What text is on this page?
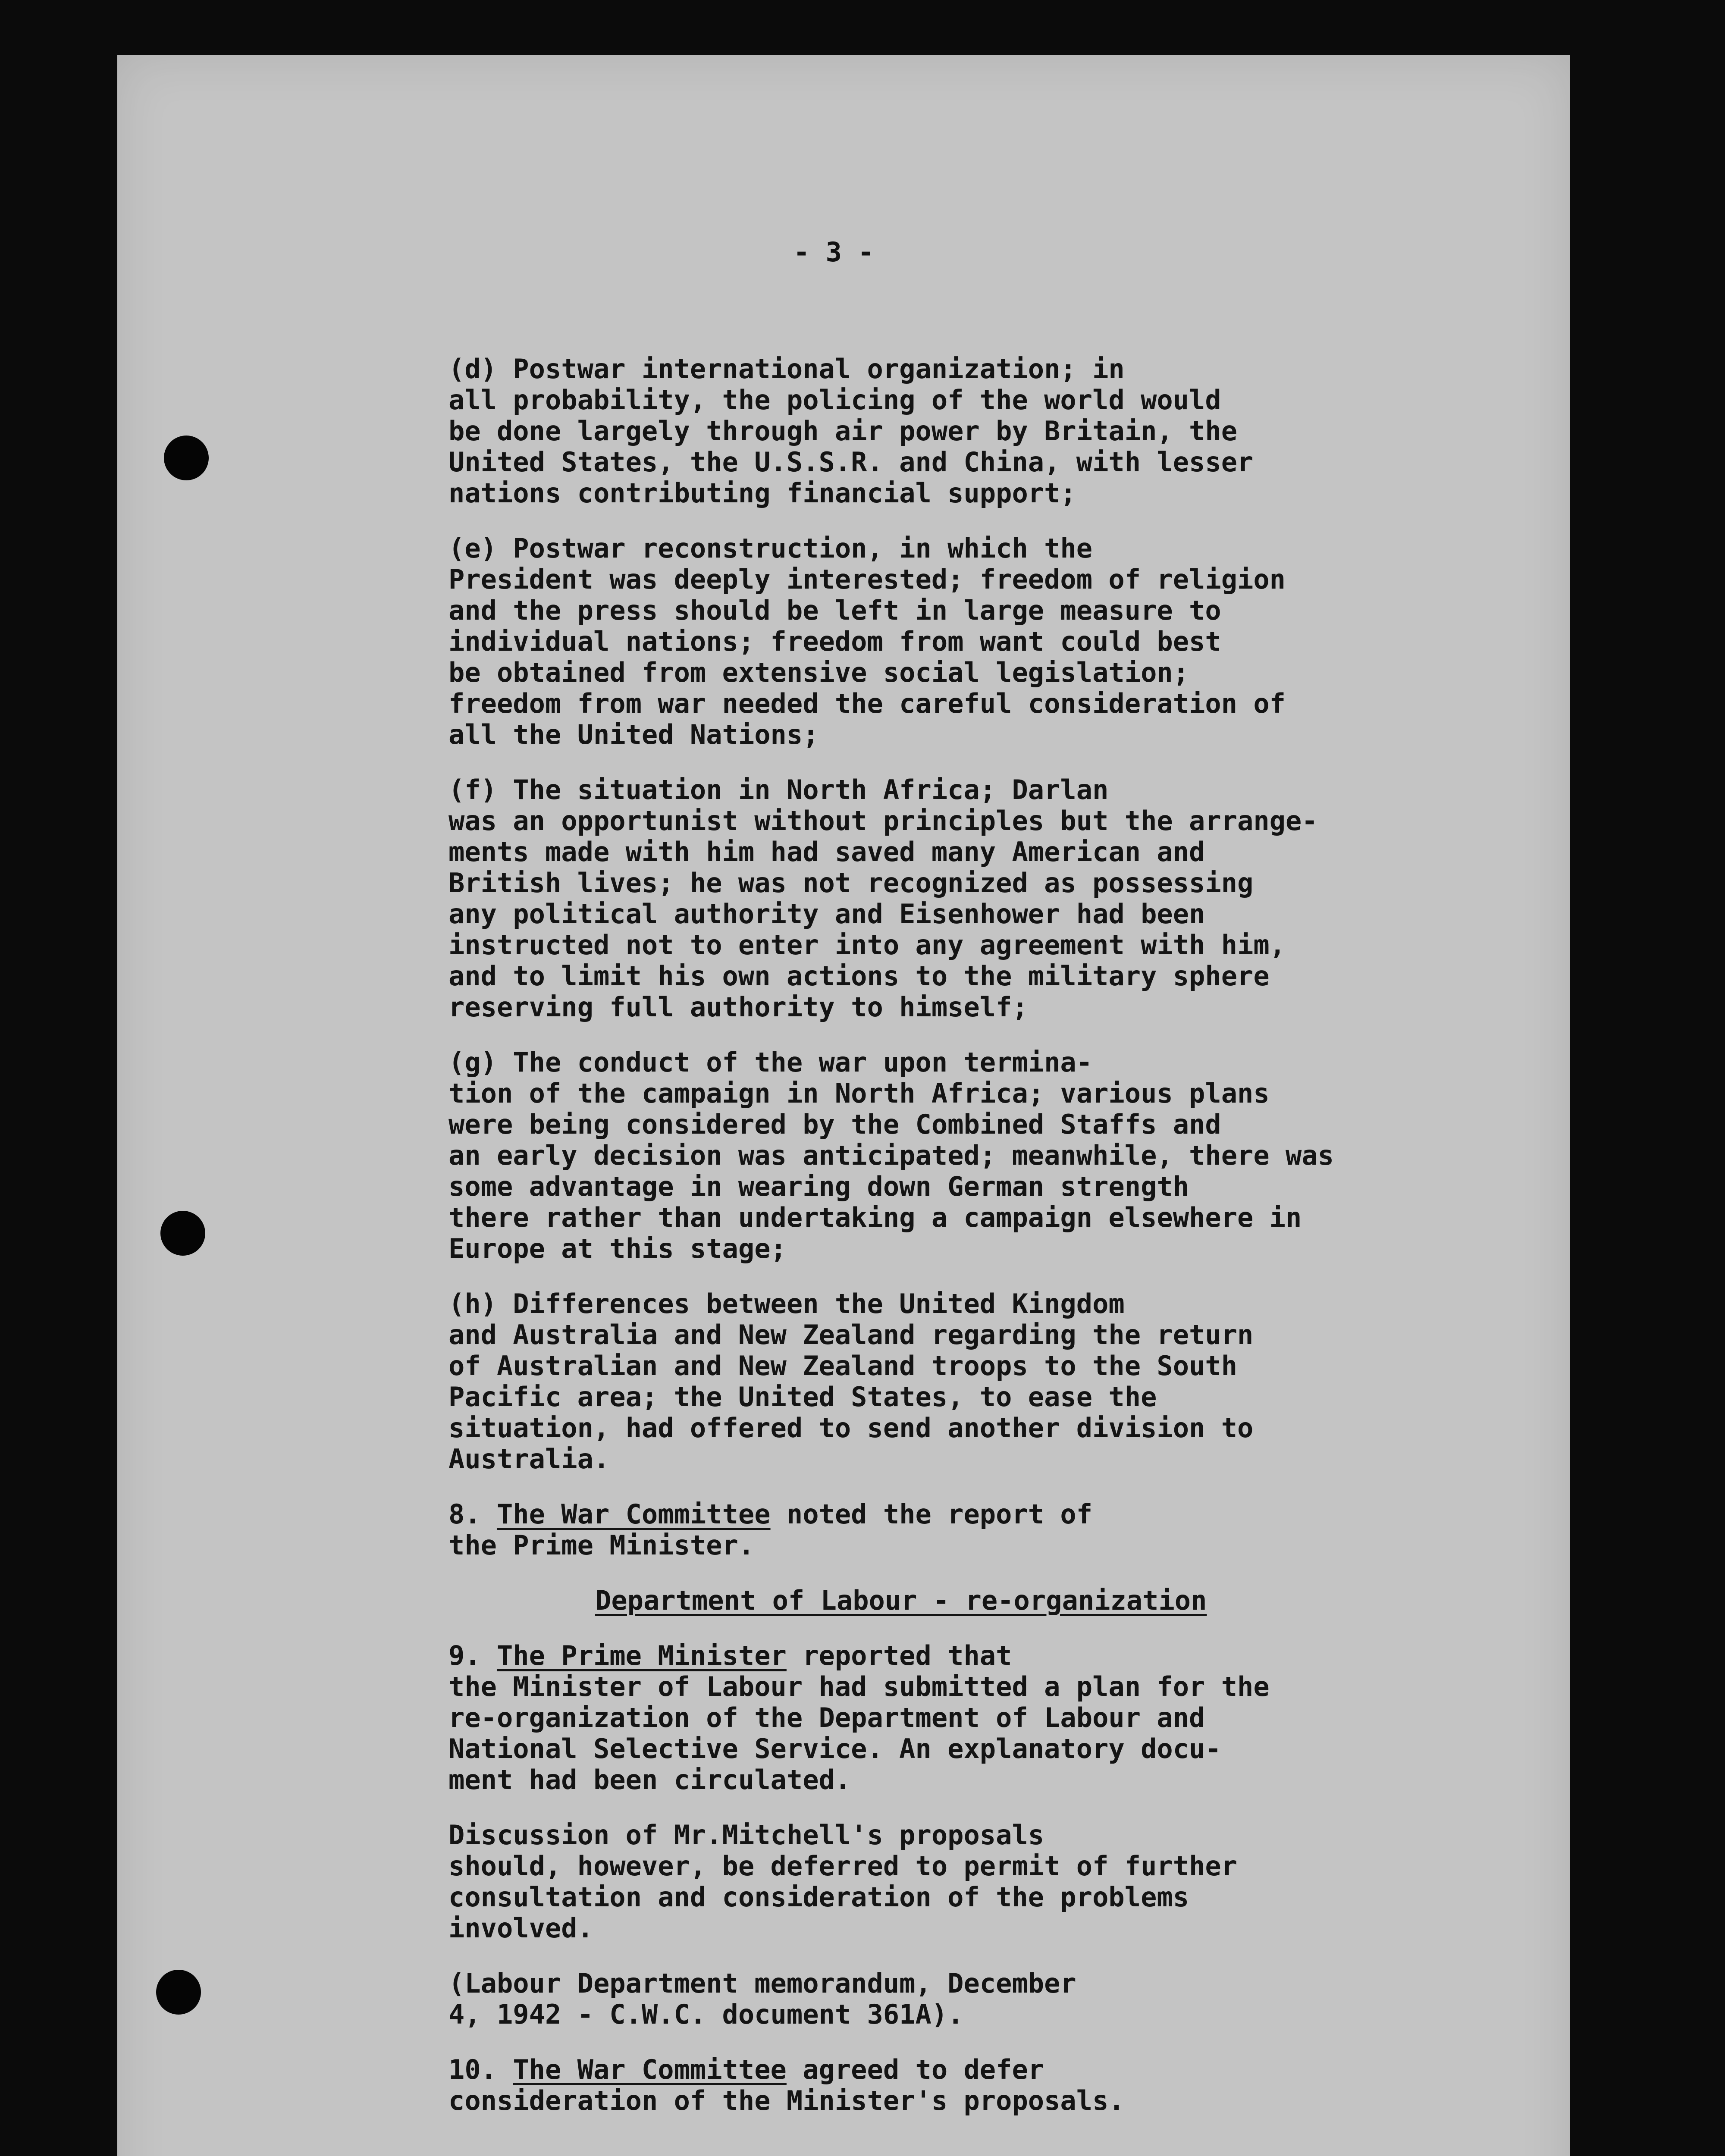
- 3 -

(d) Postwar international organization; in
all probability, the policing of the world would
be done largely through air power by Britain, the
United States, the U.S.S.R. and China, with lesser
nations contributing financial support;

(e) Postwar reconstruction, in which the
President was deeply interested; freedom of religion
and the press should be left in large measure to
individual nations; freedom from want could best
be obtained from extensive social legislation;
freedom from war needed the careful consideration of
all the United Nations;

(f) The situation in North Africa; Darlan
was an opportunist without principles but the arrange-
ments made with him had saved many American and
British lives; he was not recognized as possessing
any political authority and Eisenhower had been
instructed not to enter into any agreement with him,
and to limit his own actions to the military sphere
reserving full authority to himself;

(g) The conduct of the war upon termina-
tion of the campaign in North Africa; various plans
were being considered by the Combined Staffs and
an early decision was anticipated; meanwhile, there was
some advantage in wearing down German strength
there rather than undertaking a campaign elsewhere in
Europe at this stage;

(h) Differences between the United Kingdom
and Australia and New Zealand regarding the return
of Australian and New Zealand troops to the South
Pacific area; the United States, to ease the
situation, had offered to send another division to
Australia.

8. The War Committee noted the report of
the Prime Minister.

Department of Labour - re-organization

9. The Prime Minister reported that
the Minister of Labour had submitted a plan for the
re-organization of the Department of Labour and
National Selective Service. An explanatory docu-
ment had been circulated.

Discussion of Mr.Mitchell's proposals
should, however, be deferred to permit of further
consultation and consideration of the problems
involved.

(Labour Department memorandum, December
4, 1942 - C.W.C. document 361A).

10. The War Committee agreed to defer
consideration of the Minister's proposals.
